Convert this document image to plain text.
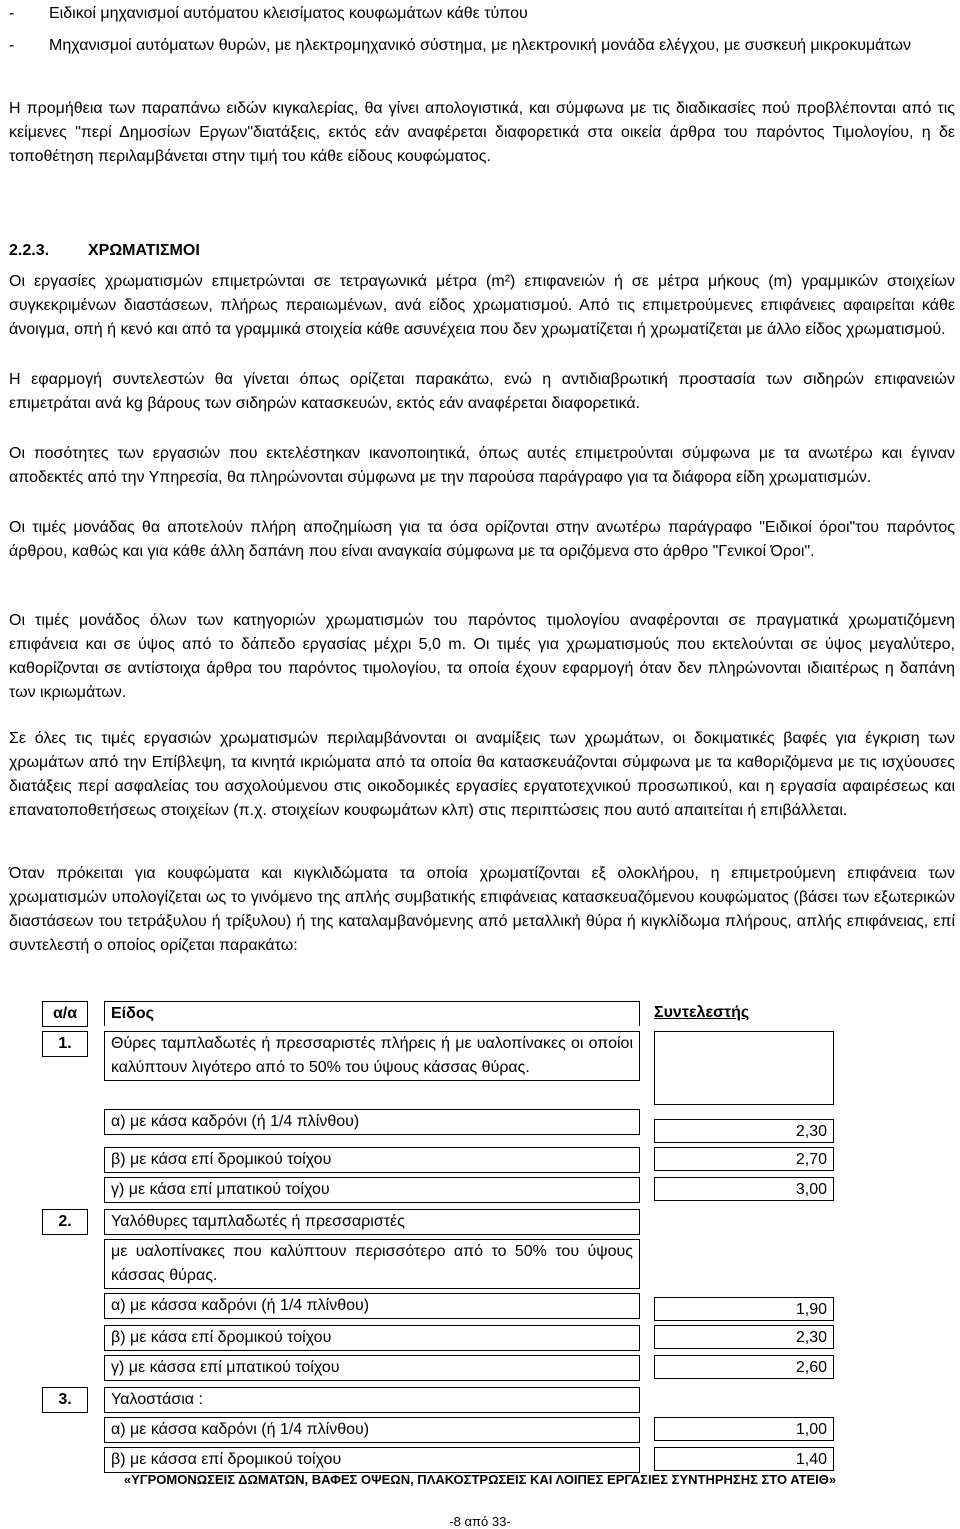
-	Ειδικοί μηχανισμοί αυτόματου κλεισίματος κουφωμάτων κάθε τύπου
-	Μηχανισμοί αυτόματων θυρών, με ηλεκτρομηχανικό σύστημα, με ηλεκτρονική μονάδα ελέγχου, με συσκευή μικροκυμάτων

Η προμήθεια των παραπάνω ειδών κιγκαλερίας, θα γίνει απολογιστικά, και σύμφωνα με τις διαδικασίες πού προβλέπονται από τις κείμενες "περί Δημοσίων Εργων"διατάξεις, εκτός εάν αναφέρεται διαφορετικά στα οικεία άρθρα του παρόντος Τιμολογίου, η δε τοποθέτηση περιλαμβάνεται στην τιμή του κάθε είδους κουφώματος.

2.2.3. ΧΡΩΜΑΤΙΣΜΟΙ

Οι εργασίες χρωματισμών επιμετρώνται σε τετραγωνικά μέτρα (m²) επιφανειών ή σε μέτρα μήκους (m) γραμμικών στοιχείων συγκεκριμένων διαστάσεων, πλήρως περαιωμένων, ανά είδος χρωματισμού. Από τις επιμετρούμενες επιφάνειες αφαιρείται κάθε άνοιγμα, οπή ή κενό και από τα γραμμικά στοιχεία κάθε ασυνέχεια που δεν χρωματίζεται ή χρωματίζεται με άλλο είδος χρωματισμού.

Η εφαρμογή συντελεστών θα γίνεται όπως ορίζεται παρακάτω, ενώ η αντιδιαβρωτική προστασία των σιδηρών επιφανειών επιμετράται ανά kg βάρους των σιδηρών κατασκευών, εκτός εάν αναφέρεται διαφορετικά.

Οι ποσότητες των εργασιών που εκτελέστηκαν ικανοποιητικά, όπως αυτές επιμετρούνται σύμφωνα με τα ανωτέρω και έγιναν αποδεκτές από την Υπηρεσία, θα πληρώνονται σύμφωνα με την παρούσα παράγραφο για τα διάφορα είδη χρωματισμών.

Οι τιμές μονάδας θα αποτελούν πλήρη αποζημίωση για τα όσα ορίζονται στην ανωτέρω παράγραφο "Ειδικοί όροι"του παρόντος άρθρου, καθώς και για κάθε άλλη δαπάνη που είναι αναγκαία σύμφωνα με τα οριζόμενα στο άρθρο "Γενικοί Όροι".

Οι τιμές μονάδος όλων των κατηγοριών χρωματισμών του παρόντος τιμολογίου αναφέρονται σε πραγματικά χρωματιζόμενη επιφάνεια και σε ύψος από το δάπεδο εργασίας μέχρι 5,0 m. Οι τιμές για χρωματισμούς που εκτελούνται σε ύψος μεγαλύτερο, καθορίζονται σε αντίστοιχα άρθρα του παρόντος τιμολογίου, τα οποία έχουν εφαρμογή όταν δεν πληρώνονται ιδιαιτέρως η δαπάνη των ικριωμάτων.

Σε όλες τις τιμές εργασιών χρωματισμών περιλαμβάνονται οι αναμίξεις των χρωμάτων, οι δοκιματικές βαφές για έγκριση των χρωμάτων από την Επίβλεψη, τα κινητά ικριώματα από τα οποία θα κατασκευάζονται σύμφωνα με τα καθοριζόμενα με τις ισχύουσες διατάξεις περί ασφαλείας του ασχολούμενου στις οικοδομικές εργασίες εργατοτεχνικού προσωπικού, και η εργασία αφαιρέσεως και επανατοποθετήσεως στοιχείων (π.χ. στοιχείων κουφωμάτων κλπ) στις περιπτώσεις που αυτό απαιτείται ή επιβάλλεται.

Όταν πρόκειται για κουφώματα και κιγκλιδώματα τα οποία χρωματίζονται εξ ολοκλήρου, η επιμετρούμενη επιφάνεια των χρωματισμών υπολογίζεται ως το γινόμενο της απλής συμβατικής επιφάνειας κατασκευαζόμενου κουφώματος (βάσει των εξωτερικών διαστάσεων του τετράξυλου ή τρίξυλου) ή της καταλαμβανόμενης από μεταλλική θύρα ή κιγκλίδωμα πλήρους, απλής επιφάνειας, επί συντελεστή ο οποίος ορίζεται παρακάτω:

α/α	Είδος	Συντελεστής

1.	Θύρες ταμπλαδωτές ή πρεσσαριστές πλήρεις ή με υαλοπίνακες οι οποίοι καλύπτουν λιγότερο από το 50% του ύψους κάσσας θύρας.	

	α) με κάσα καδρόνι (ή 1/4 πλίνθου)	2,30

	β) με κάσα επί δρομικού τοίχου	2,70

	γ) με κάσα επί μπατικού τοίχου	3,00

2.	Υαλόθυρες ταμπλαδωτές ή πρεσσαριστές	

	με υαλοπίνακες που καλύπτουν περισσότερο από το 50% του ύψους κάσσας θύρας.	

	α) με κάσσα καδρόνι (ή 1/4 πλίνθου)	1,90

	β) με κάσα επί δρομικού τοίχου	2,30

	γ) με κάσσα επί μπατικού τοίχου	2,60

3.	Υαλοστάσια :	

	α) με κάσσα καδρόνι (ή 1/4 πλίνθου)	1,00

	β) με κάσσα επί δρομικού τοίχου	1,40
«ΥΓΡΟΜΟΝΩΣΕΙΣ ΔΩΜΑΤΩΝ, ΒΑΦΕΣ ΟΨΕΩΝ, ΠΛΑΚΟΣΤΡΩΣΕΙΣ ΚΑΙ ΛΟΙΠΕΣ ΕΡΓΑΣΙΕΣ ΣΥΝΤΗΡΗΣΗΣ ΣΤΟ ΑΤΕΙΘ»
-8 από 33-
